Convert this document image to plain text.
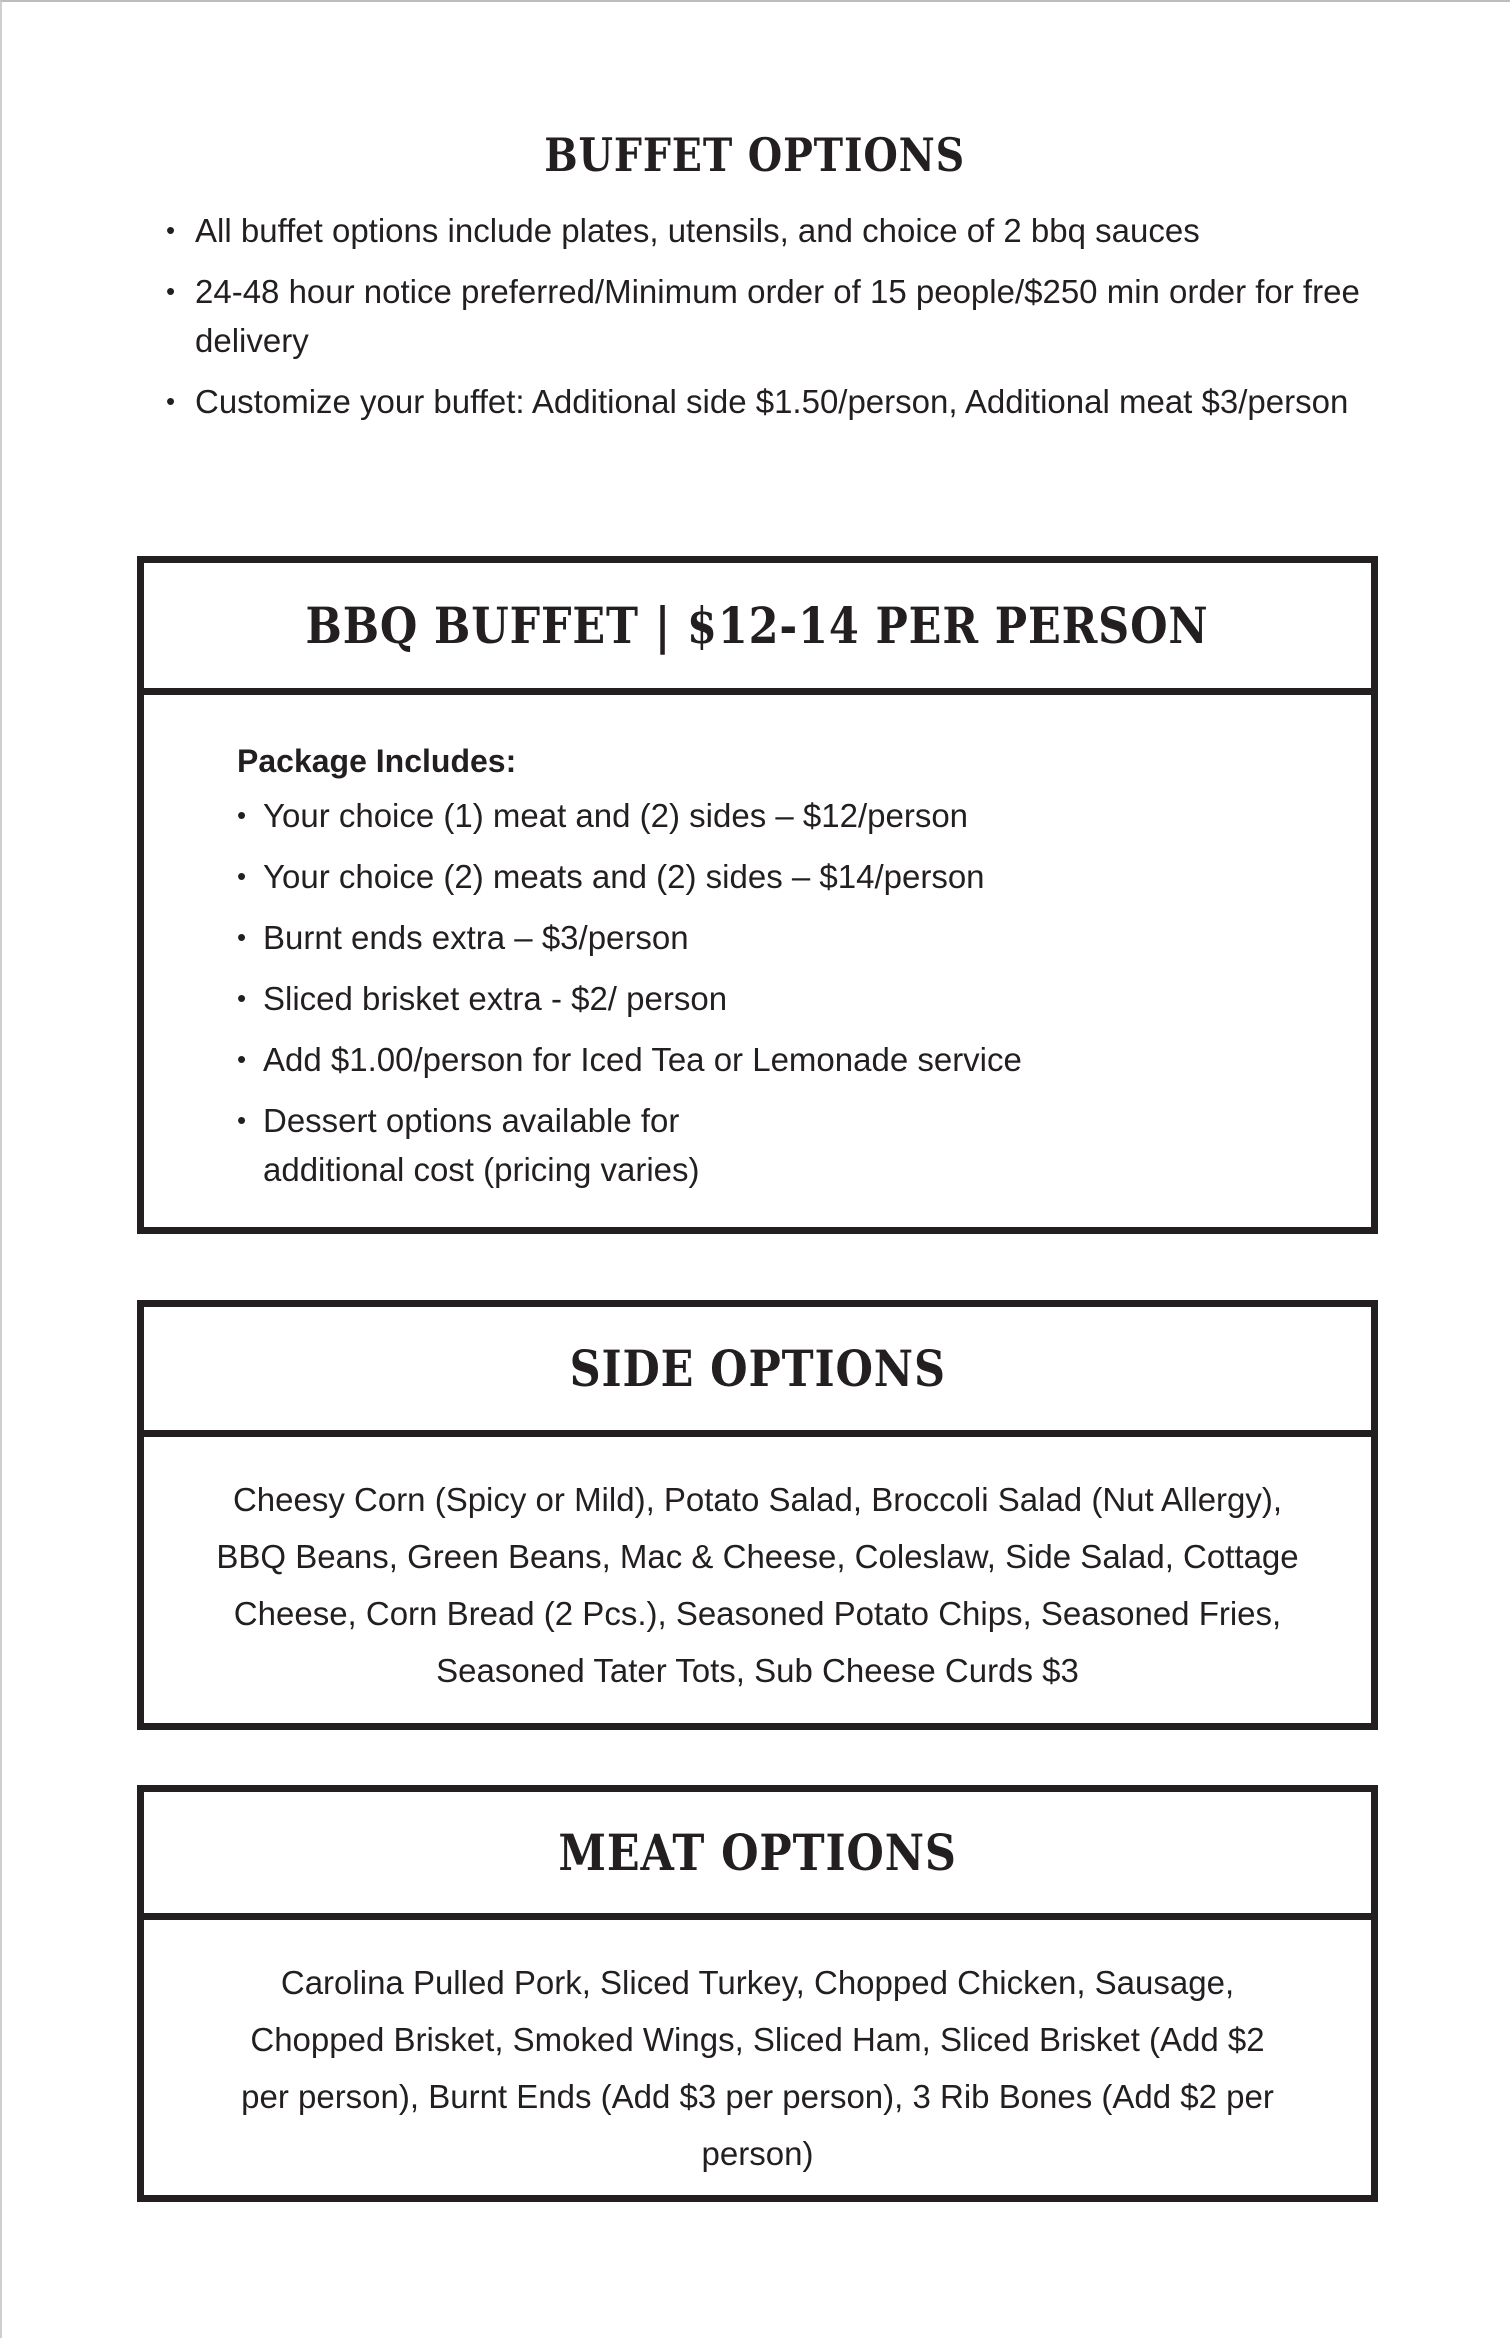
BUFFET OPTIONS
• All buffet options include plates, utensils, and choice of 2 bbq sauces
• 24-48 hour notice preferred/Minimum order of 15 people/$250 min order for free delivery
• Customize your buffet: Additional side $1.50/person, Additional meat $3/person
BBQ BUFFET | $12-14 PER PERSON

Package Includes:

• Your choice (1) meat and (2) sides – $12/person
• Your choice (2) meats and (2) sides – $14/person
• Burnt ends extra – $3/person
• Sliced brisket extra - $2/ person
• Add $1.00/person for Iced Tea or Lemonade service
• Dessert options available for additional cost (pricing varies)
SIDE OPTIONS
Cheesy Corn (Spicy or Mild), Potato Salad, Broccoli Salad (Nut Allergy), BBQ Beans, Green Beans, Mac & Cheese, Coleslaw, Side Salad, Cottage Cheese, Corn Bread (2 Pcs.), Seasoned Potato Chips, Seasoned Fries, Seasoned Tater Tots, Sub Cheese Curds $3
MEAT OPTIONS
Carolina Pulled Pork, Sliced Turkey, Chopped Chicken, Sausage, Chopped Brisket, Smoked Wings, Sliced Ham, Sliced Brisket (Add $2 per person), Burnt Ends (Add $3 per person), 3 Rib Bones (Add $2 per person)
